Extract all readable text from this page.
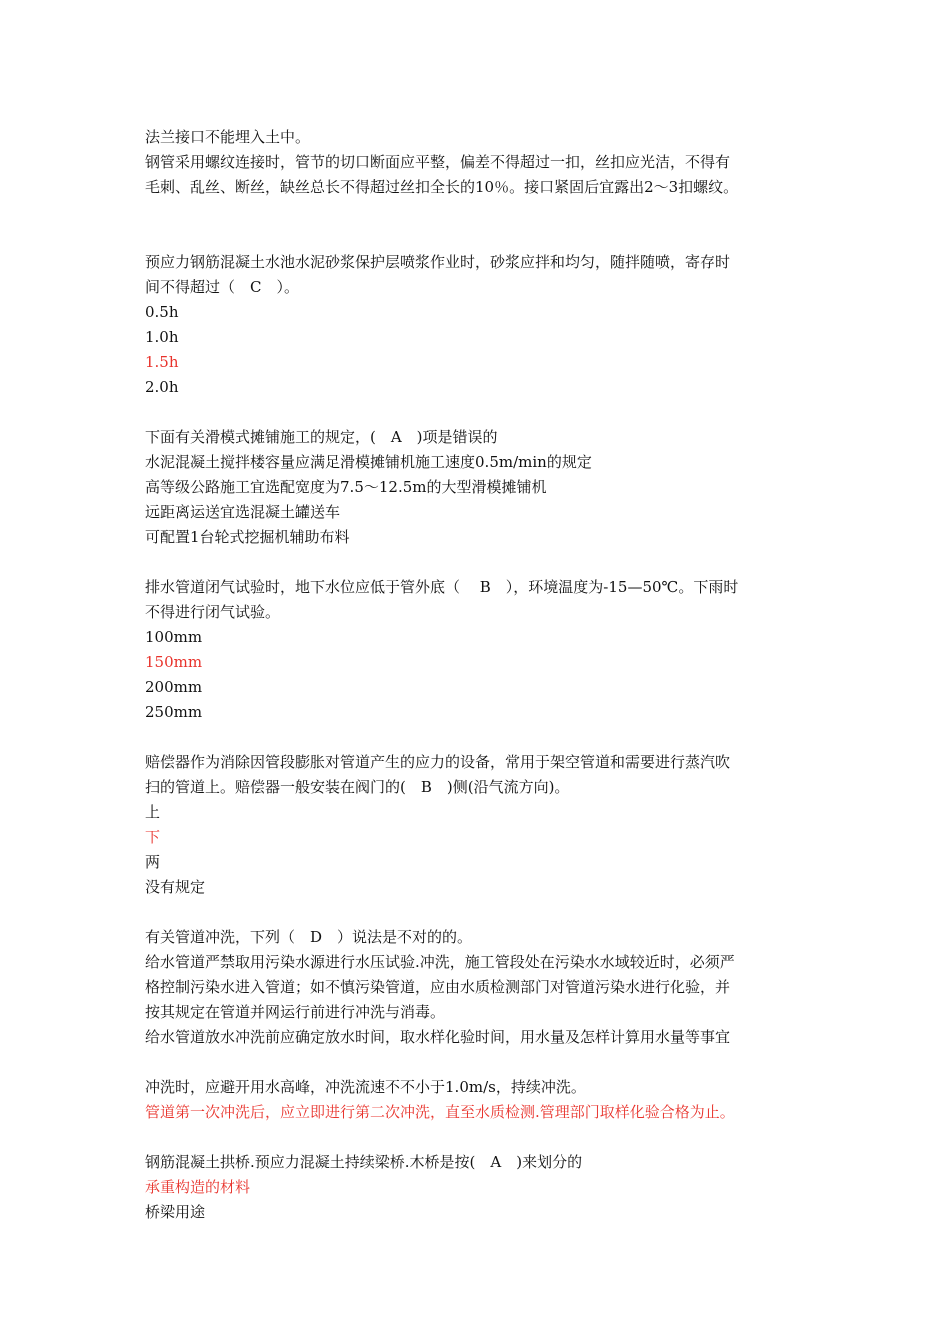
法兰接口不能埋入土中。
钢管采用螺纹连接时，管节的切口断面应平整，偏差不得超过一扣，丝扣应光洁，不得有
毛刺、乱丝、断丝，缺丝总长不得超过丝扣全长的10％。接口紧固后宜露出2～3扣螺纹。
预应力钢筋混凝土水池水泥砂浆保护层喷浆作业时，砂浆应拌和均匀，随拌随喷，寄存时
间不得超过（　C　）。
0.5h
1.0h
1.5h
2.0h
下面有关滑模式摊铺施工的规定，(　A　)项是错误的
水泥混凝土搅拌楼容量应满足滑模摊铺机施工速度0.5m/min的规定
高等级公路施工宜选配宽度为7.5～12.5m的大型滑模摊铺机
远距离运送宜选混凝土罐送车
可配置1台轮式挖掘机辅助布料
排水管道闭气试验时，地下水位应低于管外底（　 B　），环境温度为-15—50℃。下雨时
不得进行闭气试验。
100mm
150mm
200mm
250mm
赔偿器作为消除因管段膨胀对管道产生的应力的设备，常用于架空管道和需要进行蒸汽吹
扫的管道上。赔偿器一般安装在阀门的(　B　)侧(沿气流方向)。
上
下
两
没有规定
有关管道冲洗，下列（　D　）说法是不对的的。
给水管道严禁取用污染水源进行水压试验.冲洗，施工管段处在污染水水域较近时，必须严
格控制污染水进入管道；如不慎污染管道，应由水质检测部门对管道污染水进行化验，并
按其规定在管道并网运行前进行冲洗与消毒。
给水管道放水冲洗前应确定放水时间，取水样化验时间，用水量及怎样计算用水量等事宜
冲洗时，应避开用水高峰，冲洗流速不不小于1.0m/s，持续冲洗。
管道第一次冲洗后，应立即进行第二次冲洗，直至水质检测.管理部门取样化验合格为止。
钢筋混凝土拱桥.预应力混凝土持续梁桥.木桥是按(　A　)来划分的
承重构造的材料
桥梁用途
